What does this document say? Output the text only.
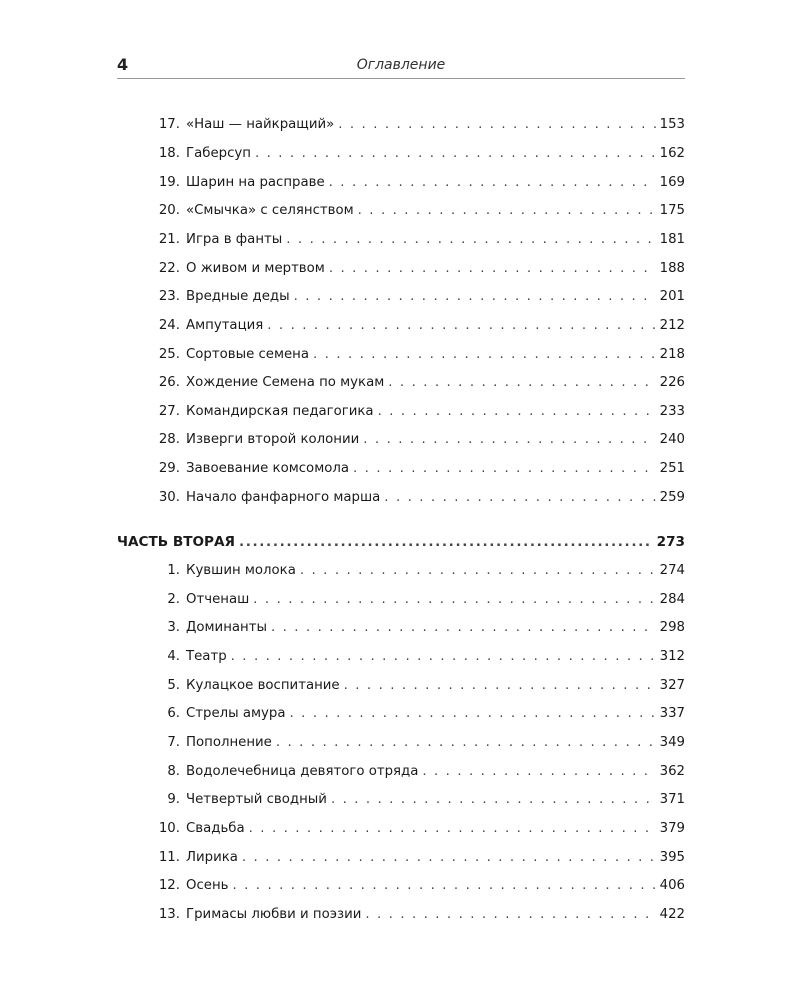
4	Оглавление
17. «Наш — найкращий» . . .	153
18. Габерсуп . . .	162
19. Шарин на расправе . . .	169
20. «Смычка» с селянством . . .	175
21. Игра в фанты . . .	181
22. О живом и мертвом . . .	188
23. Вредные деды . . .	201
24. Ампутация . . .	212
25. Сортовые семена . . .	218
26. Хождение Семена по мукам . . .	226
27. Командирская педагогика . . .	233
28. Изверги второй колонии . . .	240
29. Завоевание комсомола . . .	251
30. Начало фанфарного марша . . .	259
ЧАСТЬ ВТОРАЯ .....	273
1. Кувшин молока . . .	274
2. Отченаш . . .	284
3. Доминанты . . .	298
4. Театр . . .	312
5. Кулацкое воспитание . . .	327
6. Стрелы амура . . .	337
7. Пополнение . . .	349
8. Водолечебница девятого отряда . . .	362
9. Четвертый сводный . . .	371
10. Свадьба . . .	379
11. Лирика . . .	395
12. Осень . . .	406
13. Гримасы любви и поэзии . . .	422
